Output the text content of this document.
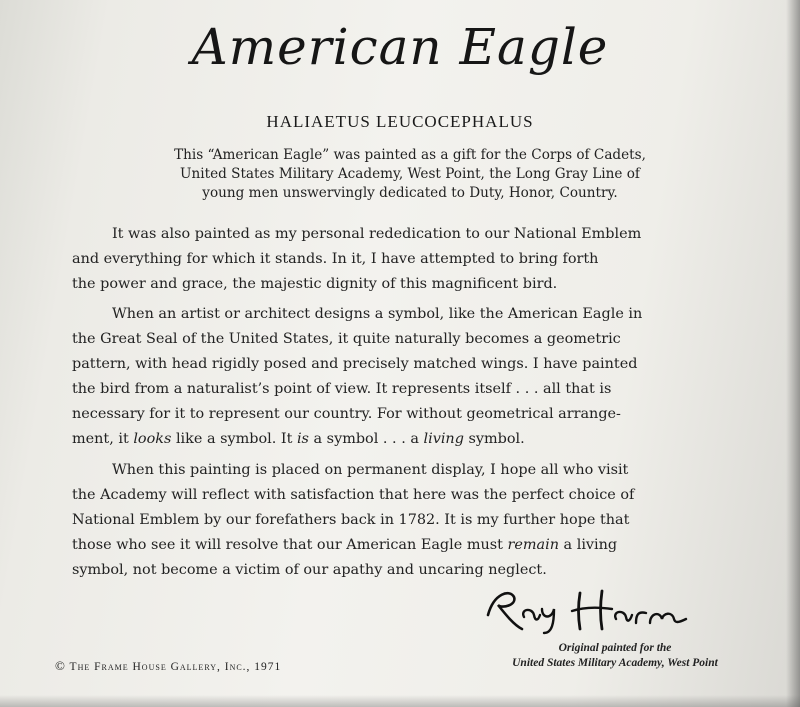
American Eagle
HALIAETUS LEUCOCEPHALUS
This “American Eagle” was painted as a gift for the Corps of Cadets,
United States Military Academy, West Point, the Long Gray Line of
young men unswervingly dedicated to Duty, Honor, Country.
It was also painted as my personal rededication to our National Emblem
and everything for which it stands. In it, I have attempted to bring forth
the power and grace, the majestic dignity of this magnificent bird.
When an artist or architect designs a symbol, like the American Eagle in
the Great Seal of the United States, it quite naturally becomes a geometric
pattern, with head rigidly posed and precisely matched wings. I have painted
the bird from a naturalist’s point of view. It represents itself . . . all that is
necessary for it to represent our country. For without geometrical arrange-
ment, it looks like a symbol. It is a symbol . . . a living symbol.
When this painting is placed on permanent display, I hope all who visit
the Academy will reflect with satisfaction that here was the perfect choice of
National Emblem by our forefathers back in 1782. It is my further hope that
those who see it will resolve that our American Eagle must remain a living
symbol, not become a victim of our apathy and uncaring neglect.
Ray Harm
Original painted for the
United States Military Academy, West Point
© The Frame House Gallery, Inc., 1971
